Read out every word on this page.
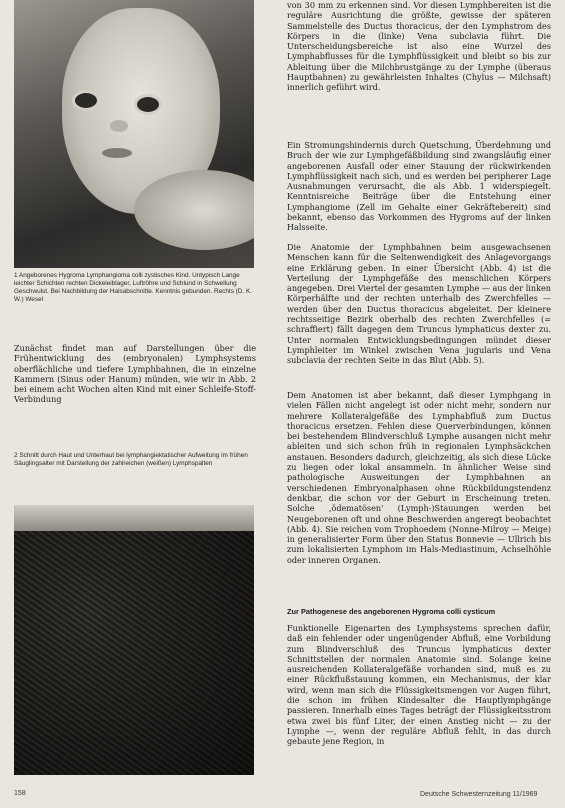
1 Angeborenes Hygroma Lymphangioma colli zystisches Kind. Untypisch Lange leichter Schichten rechten Dickeleiblager, Luftröhre und Schlund in Schwellung Geschwulst. Bei Nachbildung der Halsabschnitte. Kenntnis gebunden. Rechts (D. K. W.) Wesel

Zunächst findet man auf Darstellungen über die Frühentwicklung des (embryonalen) Lymphsystems oberflächliche und tiefere Lymphbahnen, die in einzelne Kammern (Sinus oder Hanum) münden, wie wir in Abb. 2 bei einem acht Wochen alten Kind mit einer Schleife-Stoff-Verbindung

2 Schnitt durch Haut und Unterhaut bei lymphangiektatischer Aufweitung im frühen Säuglingsalter mit Darstellung der zahlreichen (weißen) Lymphspalten

von 30 mm zu erkennen sind. Vor diesen Lymphbereiten ist die reguläre Ausrichtung die größte, gewisse der späteren Sammelstelle des Ductus thoracicus, der den Lymphstrom des Körpers in die (linke) Vena subclavia führt. Die Unterscheidungsbereiche ist also eine Wurzel des Lymphabflusses für die Lymphflüssigkeit und bleibt so bis zur Ableitung über die Milchbrustgänge zu der Lymphe (überaus Hauptbahnen) zu gewährleisten Inhaltes (Chylus — Milchsaft) innerlich geführt wird.

Ein Stromungshindernis durch Quetschung, Überdehnung und Bruch der wie zur Lymphgefäßbildung sind zwangsläufig einer angeborenen Ausfall oder einer Stauung der rückwirkenden Lymphflüssigkeit nach sich, und es werden bei peripherer Lage Ausnahmungen verursacht, die als Abb. 1 widerspiegelt. Kenntnisreiche Beiträge über die Entstehung einer Lymphangiome (Zell im Gehalte einer Gekräftebereit) sind bekannt, ebenso das Vorkommen des Hygroms auf der linken Halsseite.

Die Anatomie der Lymphbahnen beim ausgewachsenen Menschen kann für die Seltenwendigkeit des Anlagevorgangs eine Erklärung geben. In einer Übersicht (Abb. 4) ist die Verteilung der Lymphgefäße des menschlichen Körpers angegeben. Drei Viertel der gesamten Lymphe — aus der linken Körperhälfte und der rechten unterhalb des Zwerchfelles — werden über den Ductus thoracicus abgeleitet. Der kleinere rechtsseitige Bezirk oberhalb des rechten Zwerchfelles (= schraffiert) fällt dagegen dem Truncus lymphaticus dexter zu. Unter normalen Entwicklungsbedingungen mündet dieser Lymphleiter im Winkel zwischen Vena jugularis und Vena subclavia der rechten Seite in das Blut (Abb. 5).

Dem Anatomen ist aber bekannt, daß dieser Lymphgang in vielen Fällen nicht angelegt ist oder nicht mehr, sondern nur mehrere Kollateralgefäße des Lymphabfluß zum Ductus thoracicus ersetzen. Fehlen diese Querverbindungen, können bei bestehendem Blindverschluß Lymphe ausangen nicht mehr ableiten und sich schon früh in regionalen Lymphsäckchen anstauen. Besonders dadurch, gleichzeitig, als sich diese Lücke zu liegen oder lokal ansammeln. In ähnlicher Weise sind pathologische Ausweitungen der Lymphbahnen an verschiedenen Embryonalphasen ohne Rückbildungstendenz denkbar, die schon vor der Geburt in Erscheinung treten. Solche ‚ödematösen' (Lymph-)Stauungen werden bei Neugeborenen oft und ohne Beschwerden angeregt beobachtet (Abb. 4). Sie reichen vom Trophoedem (Nonne-Milroy — Meige) in generalisierter Form über den Status Bonnevie — Ullrich bis zum lokalisierten Lymphom im Hals-Mediastinum, Achselhöhle oder inneren Organen.

Zur Pathogenese des angeborenen Hygroma colli cysticum

Funktionelle Eigenarten des Lymphsystems sprechen dafür, daß ein fehlender oder ungenügender Abfluß, eine Vorbildung zum Blindverschluß des Truncus lymphaticus dexter Schnittstellen der normalen Anatomie sind. Solange keine ausreichenden Kollateralgefäße vorhanden sind, muß es zu einer Rückflußstauung kommen, ein Mechanismus, der klar wird, wenn man sich die Flüssigkeitsmengen vor Augen führt, die schon im frühen Kindesalter die Hauptlymphgänge passieren. Innerhalb eines Tages beträgt der Flüssigkeitsstrom etwa zwei bis fünf Liter, der einen Anstieg nicht — zu der Lymphe —, wenn der reguläre Abfluß fehlt, in das durch gebaute jene Region, in

158	Deutsche Schwesternzeitung 11/1969
